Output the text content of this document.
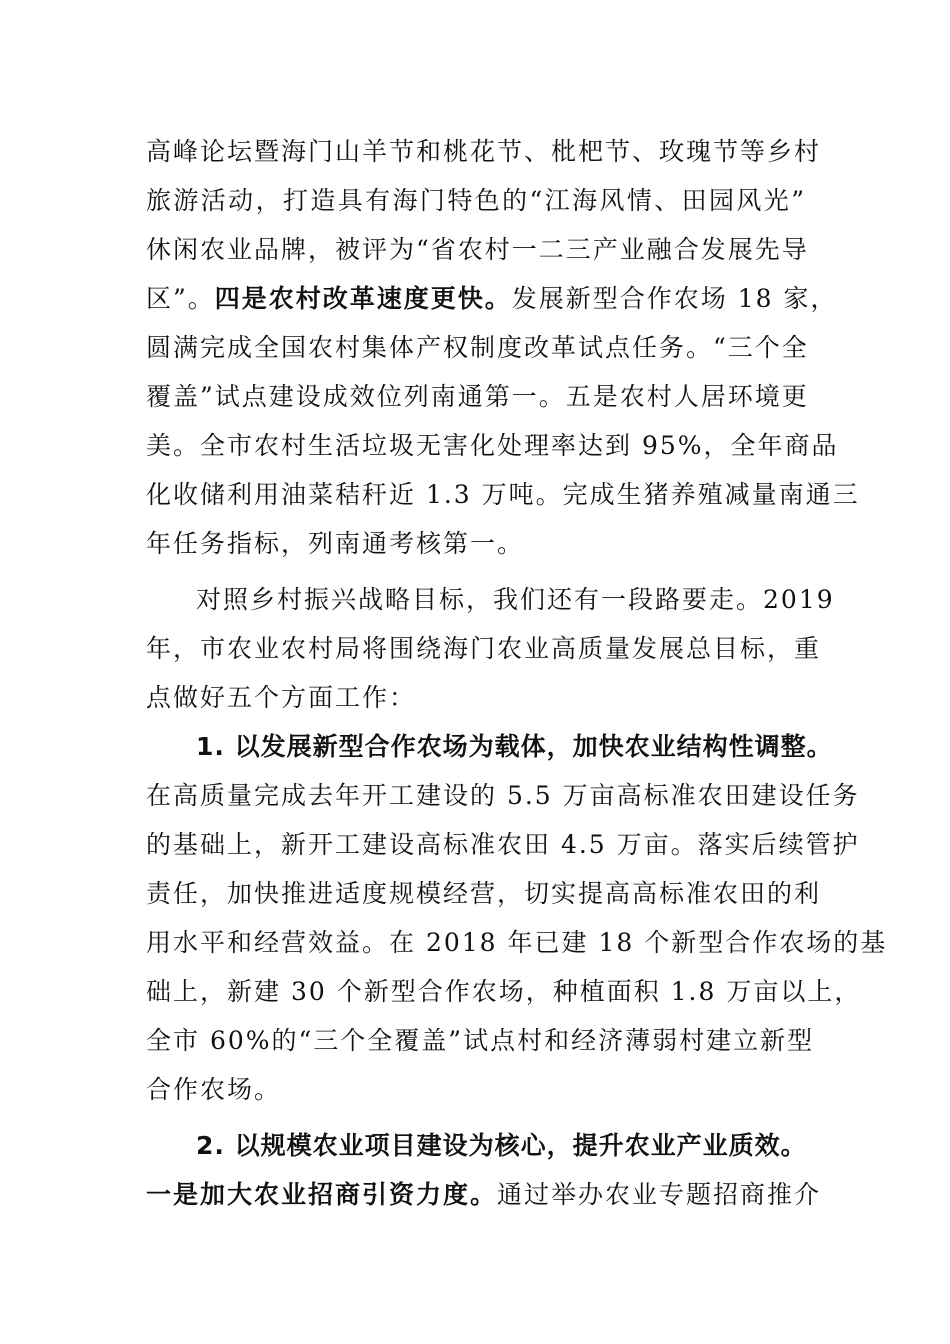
高峰论坛暨海门山羊节和桃花节、枇杷节、玫瑰节等乡村
旅游活动，打造具有海门特色的“江海风情、田园风光”
休闲农业品牌，被评为“省农村一二三产业融合发展先导
区”。四是农村改革速度更快。发展新型合作农场 18 家，
圆满完成全国农村集体产权制度改革试点任务。“三个全
覆盖”试点建设成效位列南通第一。五是农村人居环境更
美。全市农村生活垃圾无害化处理率达到 95%，全年商品
化收储利用油菜秸秆近 1.3 万吨。完成生猪养殖减量南通三
年任务指标，列南通考核第一。
对照乡村振兴战略目标，我们还有一段路要走。2019
年，市农业农村局将围绕海门农业高质量发展总目标，重
点做好五个方面工作：
1. 以发展新型合作农场为载体，加快农业结构性调整。
在高质量完成去年开工建设的 5.5 万亩高标准农田建设任务
的基础上，新开工建设高标准农田 4.5 万亩。落实后续管护
责任，加快推进适度规模经营，切实提高高标准农田的利
用水平和经营效益。在 2018 年已建 18 个新型合作农场的基
础上，新建 30 个新型合作农场，种植面积 1.8 万亩以上，
全市 60%的“三个全覆盖”试点村和经济薄弱村建立新型
合作农场。
2. 以规模农业项目建设为核心，提升农业产业质效。
一是加大农业招商引资力度。通过举办农业专题招商推介
